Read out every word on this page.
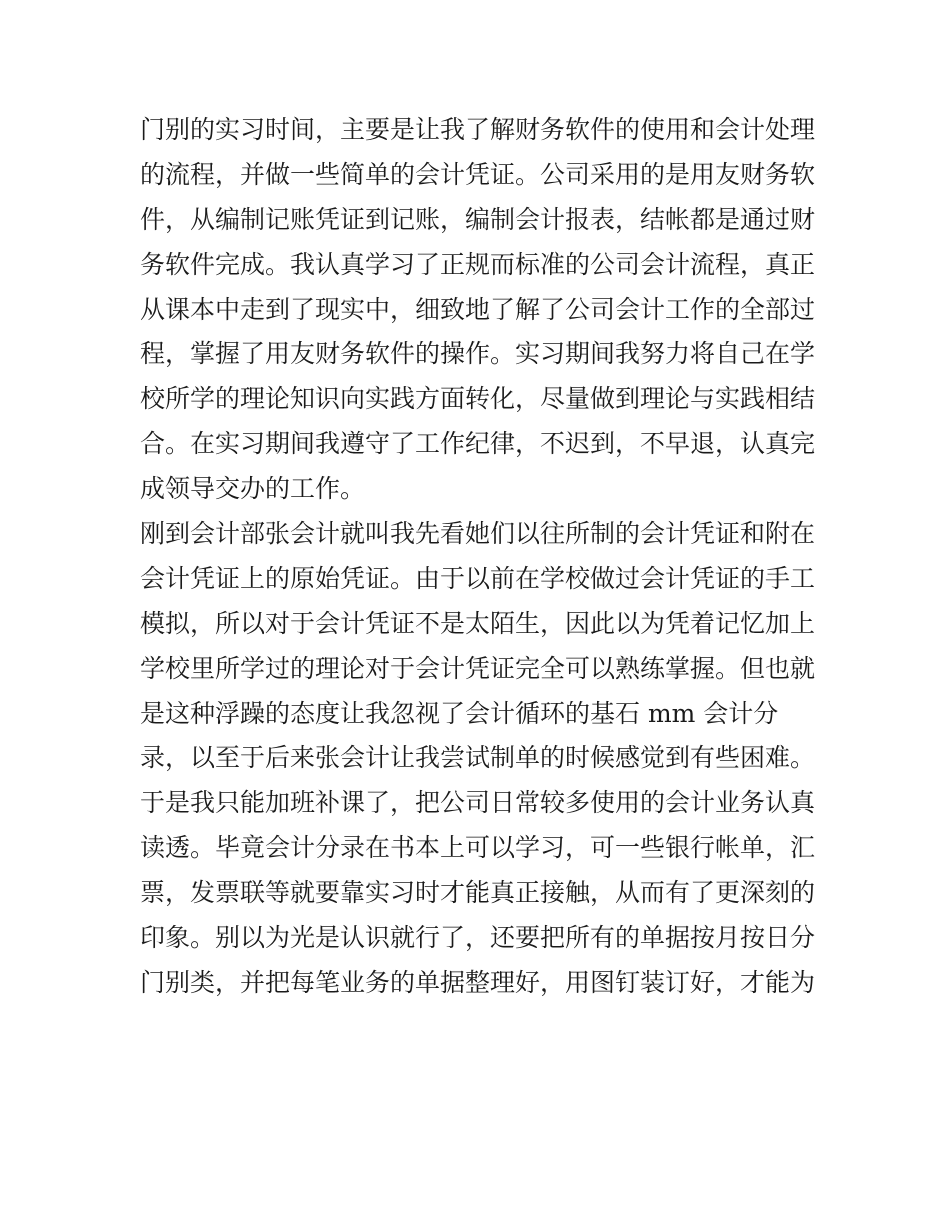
门别的实习时间，主要是让我了解财务软件的使用和会计处理
的流程，并做一些简单的会计凭证。公司采用的是用友财务软
件，从编制记账凭证到记账，编制会计报表，结帐都是通过财
务软件完成。我认真学习了正规而标准的公司会计流程，真正
从课本中走到了现实中，细致地了解了公司会计工作的全部过
程，掌握了用友财务软件的操作。实习期间我努力将自己在学
校所学的理论知识向实践方面转化，尽量做到理论与实践相结
合。在实习期间我遵守了工作纪律，不迟到，不早退，认真完
成领导交办的工作。
刚到会计部张会计就叫我先看她们以往所制的会计凭证和附在
会计凭证上的原始凭证。由于以前在学校做过会计凭证的手工
模拟，所以对于会计凭证不是太陌生，因此以为凭着记忆加上
学校里所学过的理论对于会计凭证完全可以熟练掌握。但也就
是这种浮躁的态度让我忽视了会计循环的基石 mm 会计分
录，以至于后来张会计让我尝试制单的时候感觉到有些困难。
于是我只能加班补课了，把公司日常较多使用的会计业务认真
读透。毕竟会计分录在书本上可以学习，可一些银行帐单，汇
票，发票联等就要靠实习时才能真正接触，从而有了更深刻的
印象。别以为光是认识就行了，还要把所有的单据按月按日分
门别类，并把每笔业务的单据整理好，用图钉装订好，才能为
